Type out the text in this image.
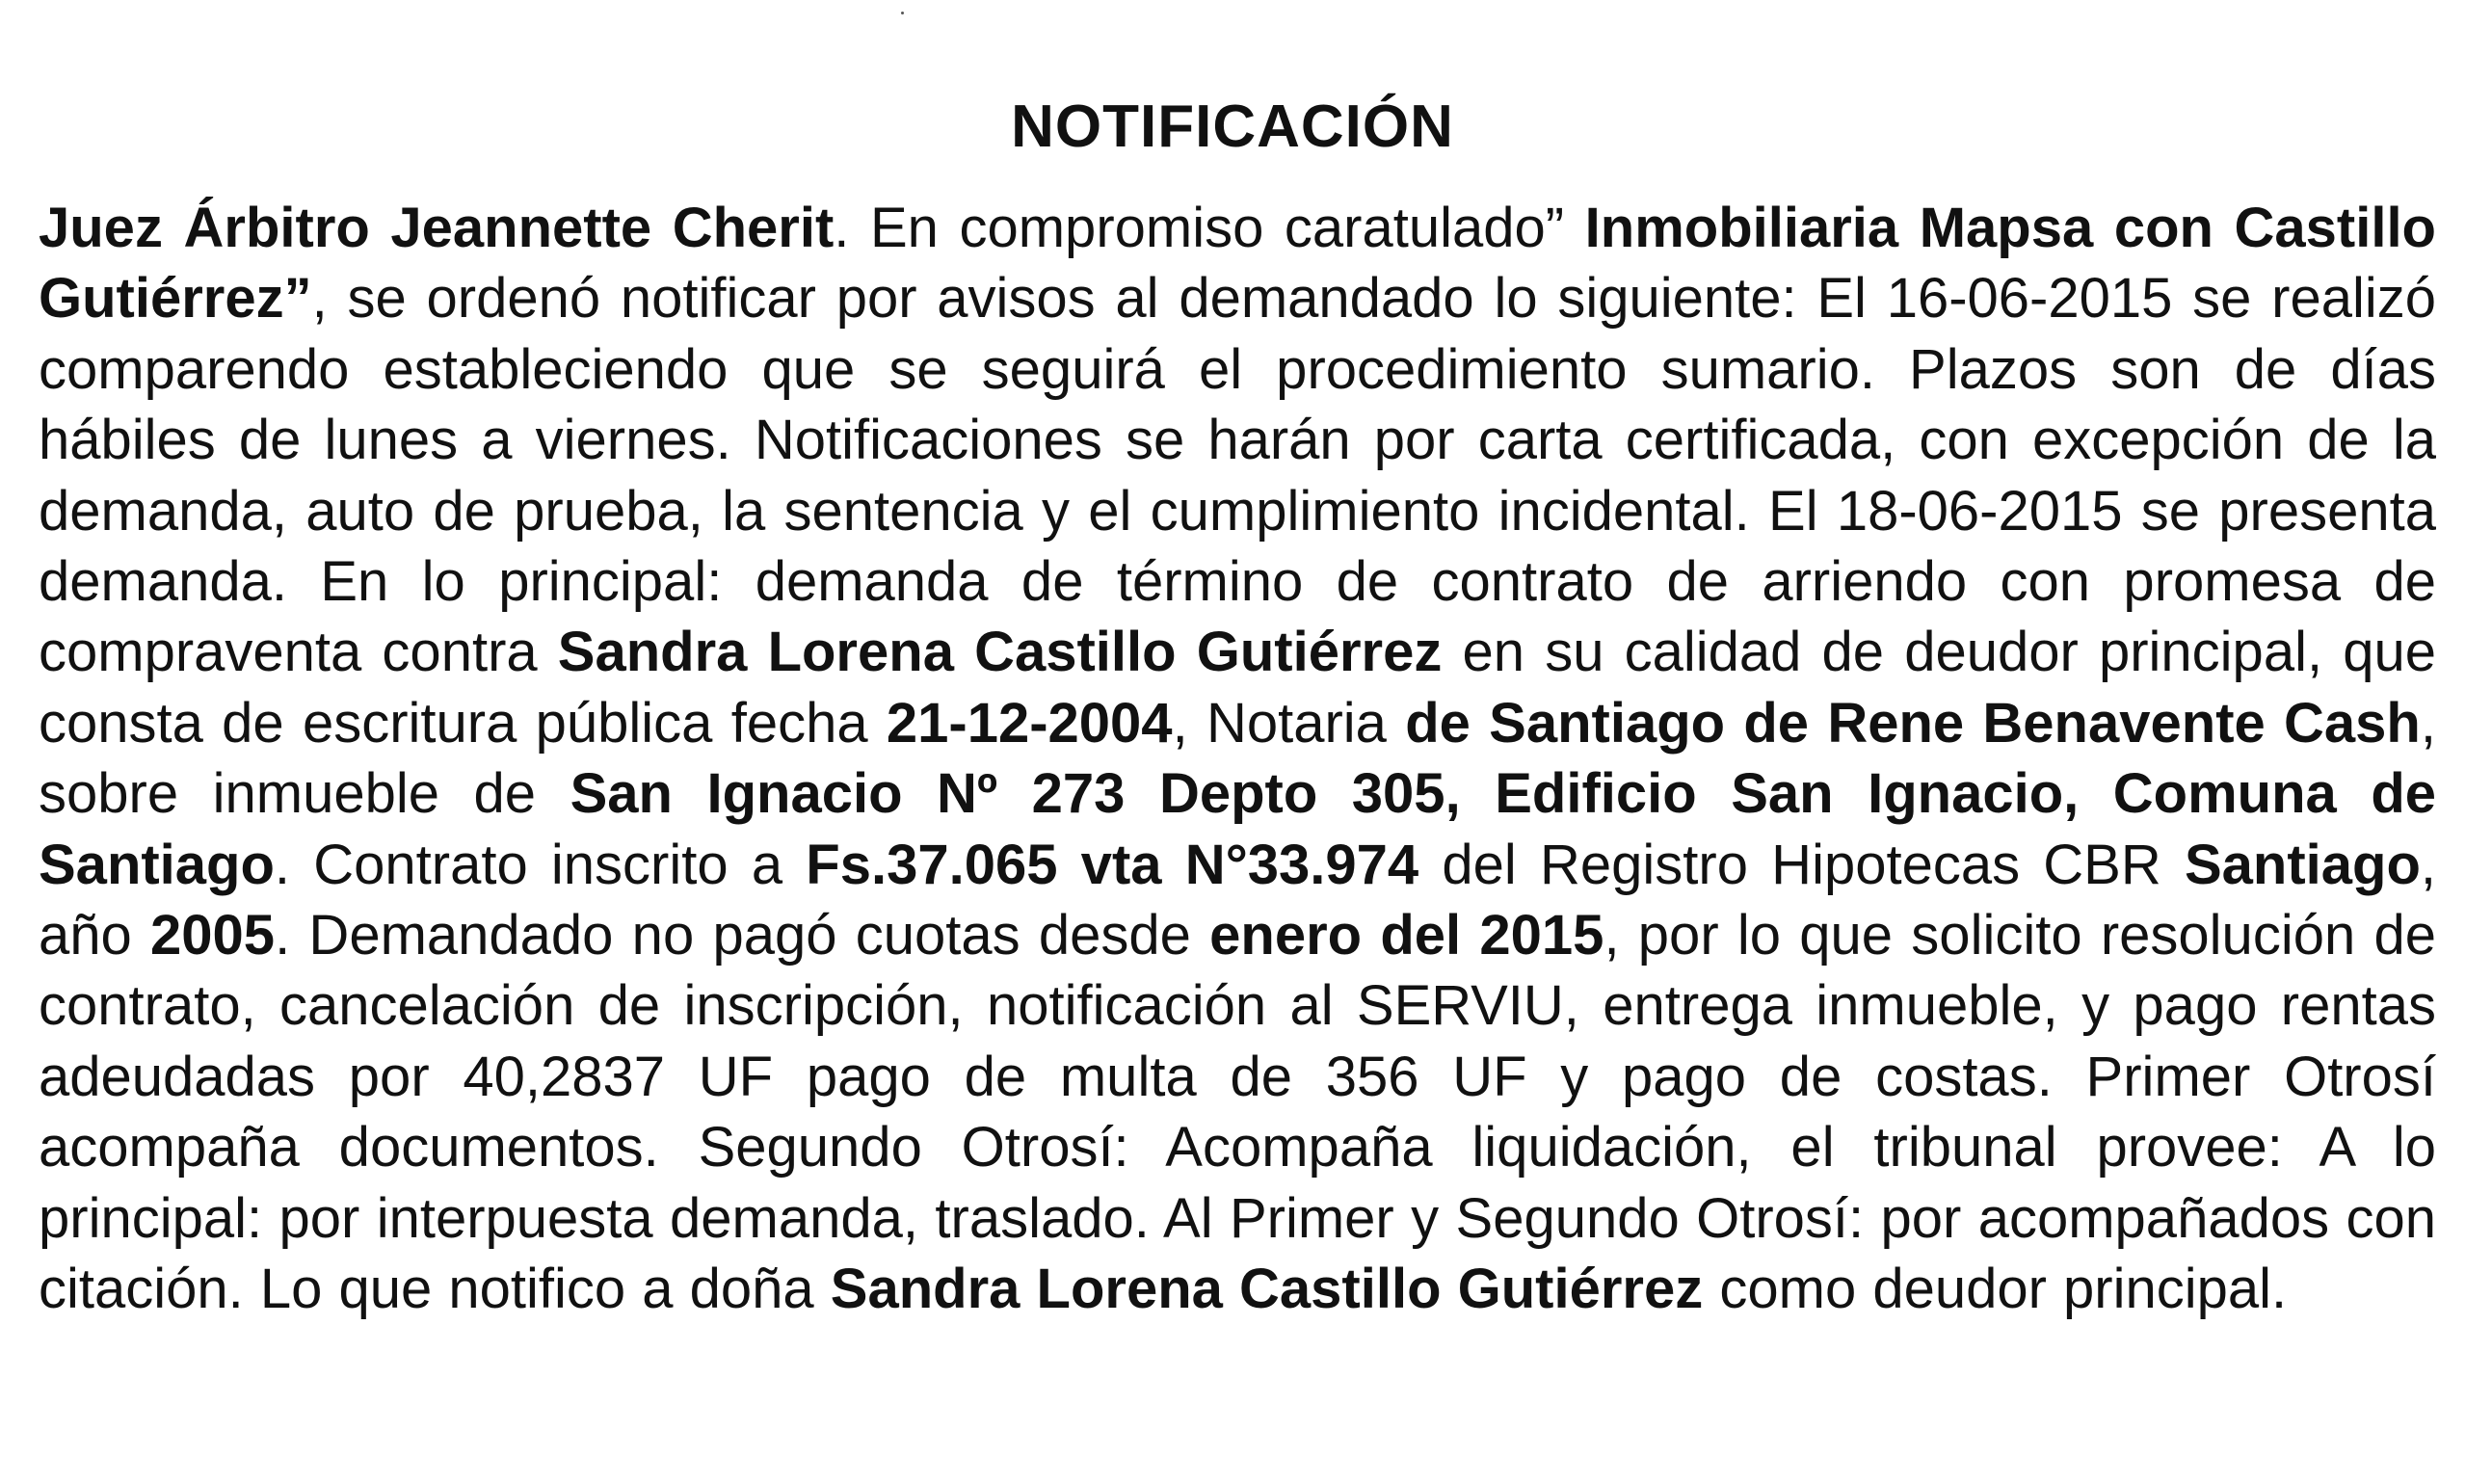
NOTIFICACIÓN

Juez Árbitro Jeannette Cherit. En compromiso caratulado” Inmobiliaria Mapsa con Castillo Gutiérrez”, se ordenó notificar por avisos al demandado lo siguiente: El 16-06-2015 se realizó comparendo estableciendo que se seguirá el procedimiento sumario. Plazos son de días hábiles de lunes a viernes. Notificaciones se harán por carta certificada, con excepción de la demanda, auto de prueba, la sentencia y el cumplimiento incidental. El 18-06-2015 se presenta demanda. En lo principal: demanda de término de contrato de arriendo con promesa de compraventa contra Sandra Lorena Castillo Gutiérrez en su calidad de deudor principal, que consta de escritura pública fecha 21-12-2004, Notaria de Santiago de Rene Benavente Cash, sobre inmueble de San Ignacio Nº 273 Depto 305, Edificio San Ignacio, Comuna de Santiago. Contrato inscrito a Fs.37.065 vta N°33.974 del Registro Hipotecas CBR Santiago, año 2005. Demandado no pagó cuotas desde enero del 2015, por lo que solicito resolución de contrato, cancelación de inscripción, notificación al SERVIU, entrega inmueble, y pago rentas adeudadas por 40,2837 UF pago de multa de 356 UF y pago de costas. Primer Otrosí acompaña documentos. Segundo Otrosí: Acompaña liquidación, el tribunal provee: A lo principal: por interpuesta demanda, traslado. Al Primer y Segundo Otrosí: por acompañados con citación. Lo que notifico a doña Sandra Lorena Castillo Gutiérrez como deudor principal.
